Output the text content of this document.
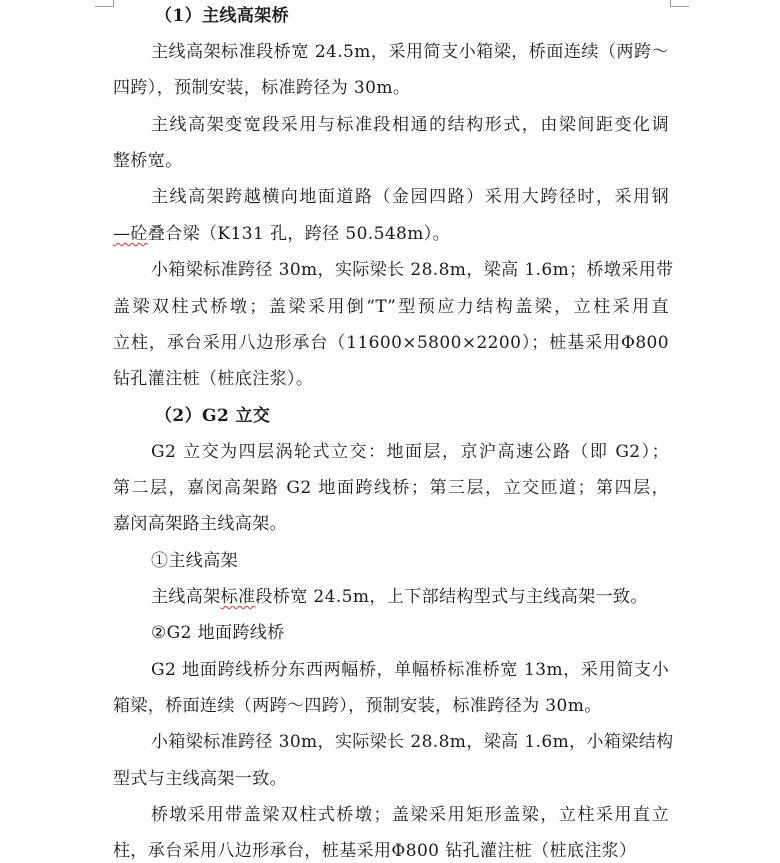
（1）主线高架桥
主线高架标准段桥宽 24.5m，采用简支小箱梁，桥面连续（两跨～
四跨），预制安装，标准跨径为 30m。
主线高架变宽段采用与标准段相通的结构形式，由梁间距变化调
整桥宽。
主线高架跨越横向地面道路（金园四路）采用大跨径时，采用钢
—砼叠合梁（K131 孔，跨径 50.548m）。
小箱梁标准跨径 30m，实际梁长 28.8m，梁高 1.6m；桥墩采用带
盖梁双柱式桥墩；盖梁采用倒“T”型预应力结构盖梁，立柱采用直
立柱，承台采用八边形承台（11600×5800×2200）；桩基采用Φ800
钻孔灌注桩（桩底注浆）。
（2）G2 立交
G2 立交为四层涡轮式立交：地面层，京沪高速公路（即 G2）；
第二层，嘉闵高架路 G2 地面跨线桥；第三层，立交匝道；第四层，
嘉闵高架路主线高架。
①主线高架
主线高架标准段桥宽 24.5m，上下部结构型式与主线高架一致。
②G2 地面跨线桥
G2 地面跨线桥分东西两幅桥，单幅桥标准桥宽 13m，采用简支小
箱梁，桥面连续（两跨～四跨），预制安装，标准跨径为 30m。
小箱梁标准跨径 30m，实际梁长 28.8m，梁高 1.6m，小箱梁结构
型式与主线高架一致。
桥墩采用带盖梁双柱式桥墩；盖梁采用矩形盖梁，立柱采用直立
柱，承台采用八边形承台，桩基采用Φ800 钻孔灌注桩（桩底注浆）
